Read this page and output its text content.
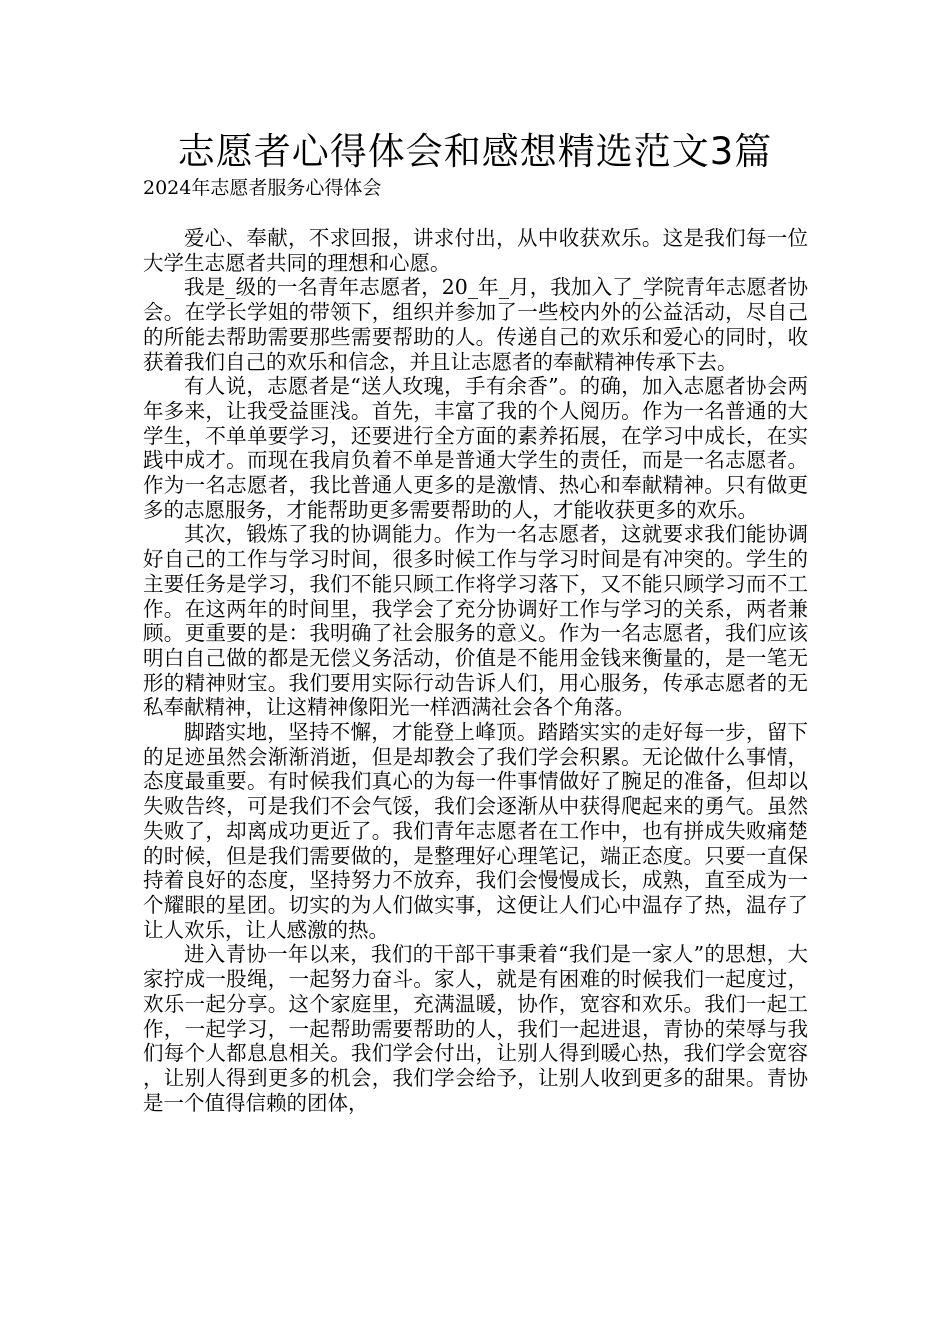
志愿者心得体会和感想精选范文3篇
2024年志愿者服务心得体会

爱心、奉献，不求回报，讲求付出，从中收获欢乐。这是我们每一位大学生志愿者共同的理想和心愿。

我是_级的一名青年志愿者，20_年_月，我加入了_学院青年志愿者协会。在学长学姐的带领下，组织并参加了一些校内外的公益活动，尽自己的所能去帮助需要那些需要帮助的人。传递自己的欢乐和爱心的同时，收获着我们自己的欢乐和信念，并且让志愿者的奉献精神传承下去。

有人说，志愿者是“送人玫瑰，手有余香”。的确，加入志愿者协会两年多来，让我受益匪浅。首先，丰富了我的个人阅历。作为一名普通的大学生，不单单要学习，还要进行全方面的素养拓展，在学习中成长，在实践中成才。而现在我肩负着不单是普通大学生的责任，而是一名志愿者。作为一名志愿者，我比普通人更多的是激情、热心和奉献精神。只有做更多的志愿服务，才能帮助更多需要帮助的人，才能收获更多的欢乐。

其次，锻炼了我的协调能力。作为一名志愿者，这就要求我们能协调好自己的工作与学习时间，很多时候工作与学习时间是有冲突的。学生的主要任务是学习，我们不能只顾工作将学习落下，又不能只顾学习而不工作。在这两年的时间里，我学会了充分协调好工作与学习的关系，两者兼顾。更重要的是：我明确了社会服务的意义。作为一名志愿者，我们应该明白自己做的都是无偿义务活动，价值是不能用金钱来衡量的，是一笔无形的精神财宝。我们要用实际行动告诉人们，用心服务，传承志愿者的无私奉献精神，让这精神像阳光一样洒满社会各个角落。

脚踏实地，坚持不懈，才能登上峰顶。踏踏实实的走好每一步，留下的足迹虽然会渐渐消逝，但是却教会了我们学会积累。无论做什么事情，态度最重要。有时候我们真心的为每一件事情做好了腕足的准备，但却以失败告终，可是我们不会气馁，我们会逐渐从中获得爬起来的勇气。虽然失败了，却离成功更近了。我们青年志愿者在工作中，也有拼成失败痛楚的时候，但是我们需要做的，是整理好心理笔记，端正态度。只要一直保持着良好的态度，坚持努力不放弃，我们会慢慢成长，成熟，直至成为一个耀眼的星团。切实的为人们做实事，这便让人们心中温存了热，温存了让人欢乐，让人感激的热。

进入青协一年以来，我们的干部干事秉着“我们是一家人”的思想，大家拧成一股绳，一起努力奋斗。家人，就是有困难的时候我们一起度过，欢乐一起分享。这个家庭里，充满温暖，协作，宽容和欢乐。我们一起工作，一起学习，一起帮助需要帮助的人，我们一起进退，青协的荣辱与我们每个人都息息相关。我们学会付出，让别人得到暖心热，我们学会宽容，让别人得到更多的机会，我们学会给予，让别人收到更多的甜果。青协是一个值得信赖的团体，
